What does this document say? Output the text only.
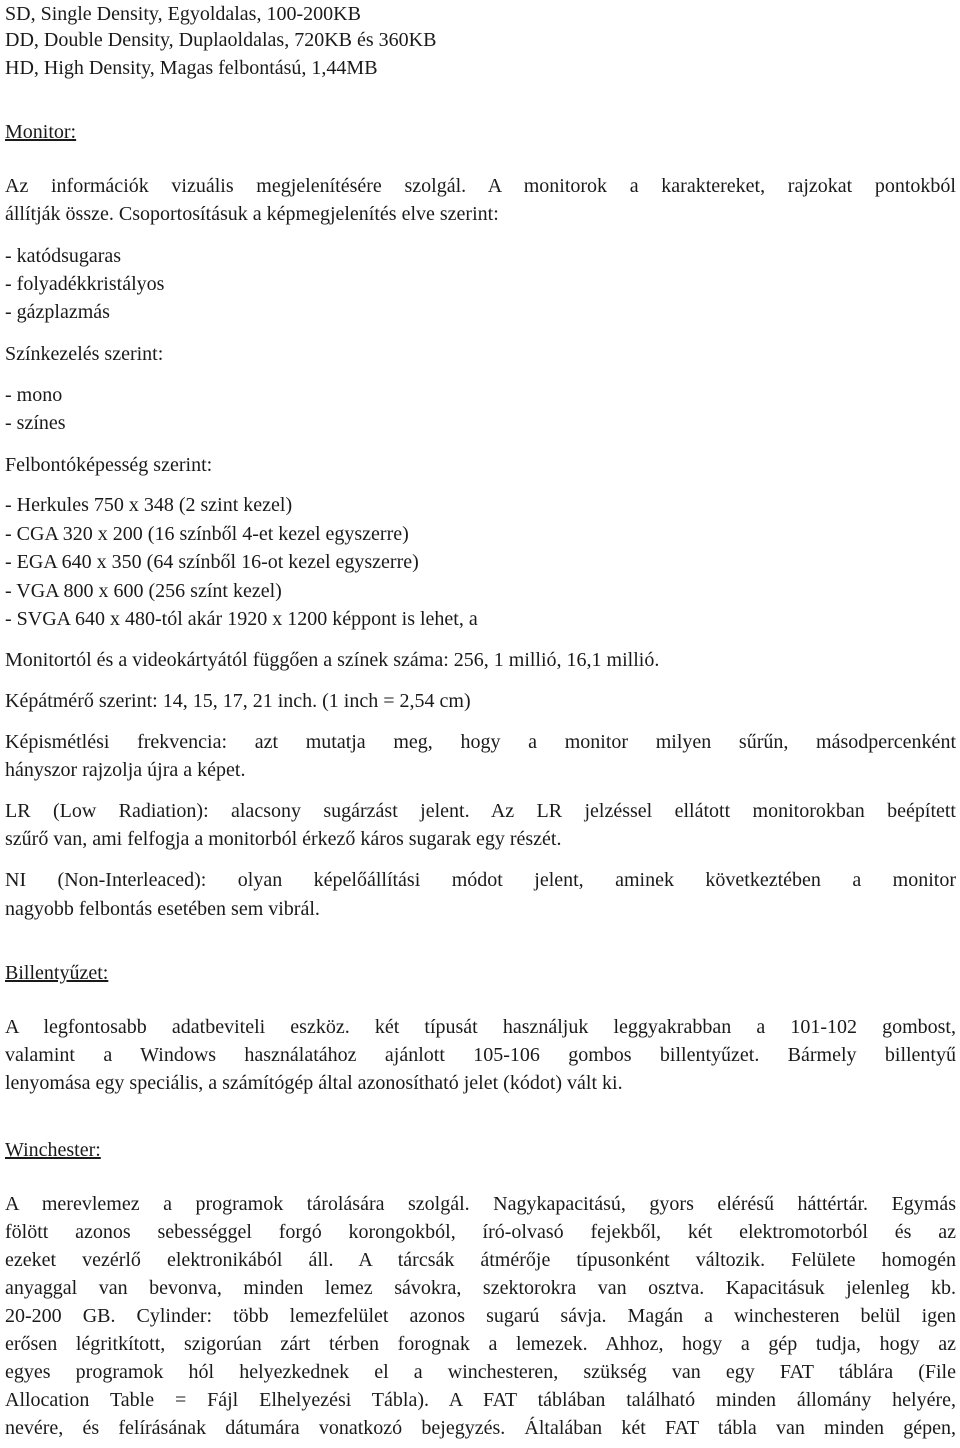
SD, Single Density, Egyoldalas, 100-200KB
DD, Double Density, Duplaoldalas, 720KB és 360KB
HD, High Density, Magas felbontású, 1,44MB
Monitor:
Az információk vizuális megjelenítésére szolgál. A monitorok a karaktereket, rajzokat pontokból
állítják össze. Csoportosításuk a képmegjelenítés elve szerint:
- katódsugaras
- folyadékkristályos
- gázplazmás
Színkezelés szerint:
- mono
- színes
Felbontóképesség szerint:
- Herkules 750 x 348 (2 szint kezel)
- CGA 320 x 200 (16 színből 4-et kezel egyszerre)
- EGA 640 x 350 (64 színből 16-ot kezel egyszerre)
- VGA 800 x 600 (256 színt kezel)
- SVGA 640 x 480-tól akár 1920 x 1200 képpont is lehet, a
Monitortól és a videokártyától függően a színek száma: 256, 1 millió, 16,1 millió.
Képátmérő szerint: 14, 15, 17, 21 inch. (1 inch = 2,54 cm)
Képismétlési frekvencia: azt mutatja meg, hogy a monitor milyen sűrűn, másodpercenként
hányszor rajzolja újra a képet.
LR (Low Radiation): alacsony sugárzást jelent. Az LR jelzéssel ellátott monitorokban beépített
szűrő van, ami felfogja a monitorból érkező káros sugarak egy részét.
NI (Non-Interleaced): olyan képelőállítási módot jelent, aminek következtében a monitor
nagyobb felbontás esetében sem vibrál.
Billentyűzet:
A legfontosabb adatbeviteli eszköz. két típusát használjuk leggyakrabban a 101-102 gombost,
valamint a Windows használatához ajánlott 105-106 gombos billentyűzet. Bármely billentyű
lenyomása egy speciális, a számítógép által azonosítható jelet (kódot) vált ki.
Winchester:
A merevlemez a programok tárolására szolgál. Nagykapacitású, gyors elérésű háttértár. Egymás
fölött azonos sebességgel forgó korongokból, író-olvasó fejekből, két elektromotorból és az
ezeket vezérlő elektronikából áll. A tárcsák átmérője típusonként változik. Felülete homogén
anyaggal van bevonva, minden lemez sávokra, szektorokra van osztva. Kapacitásuk jelenleg kb.
20-200 GB. Cylinder: több lemezfelület azonos sugarú sávja. Magán a winchesteren belül igen
erősen légritkított, szigorúan zárt térben forognak a lemezek. Ahhoz, hogy a gép tudja, hogy az
egyes programok hól helyezkednek el a winchesteren, szükség van egy FAT táblára (File
Allocation Table = Fájl Elhelyezési Tábla). A FAT táblában található minden állomány helyére,
nevére, és felírásának dátumára vonatkozó bejegyzés. Általában két FAT tábla van minden gépen,
